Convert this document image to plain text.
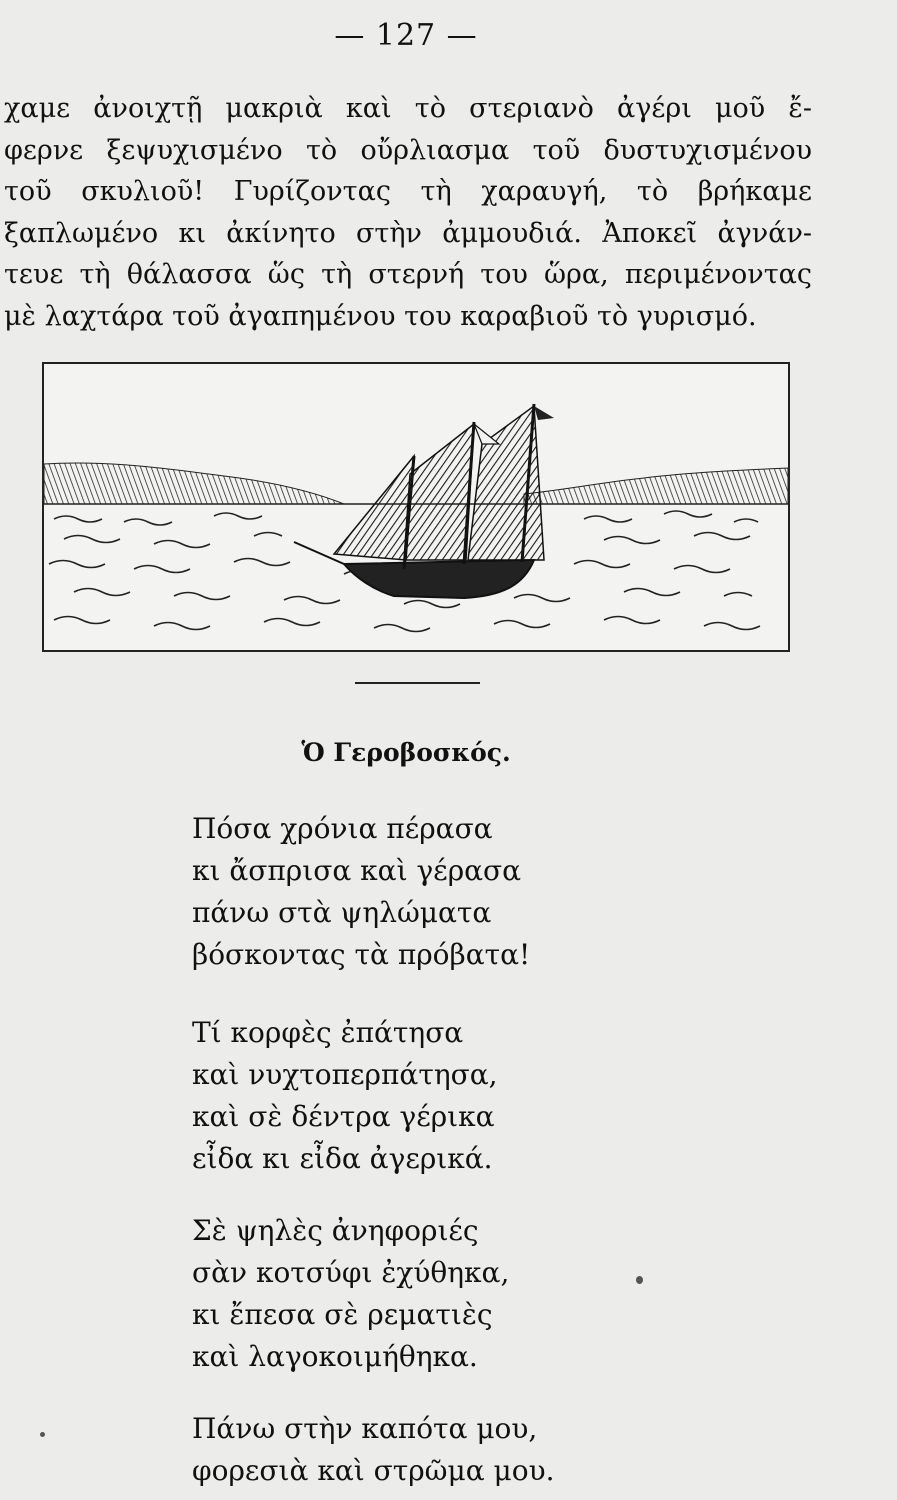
— 127 —
χαμε ἀνοιχτῇ μακριὰ καὶ τὸ στεριανὸ ἀγέρι μοῦ ἔ-
φερνε ξεψυχισμένο τὸ οὔρλιασμα τοῦ δυστυχισμένου
τοῦ σκυλιοῦ! Γυρίζοντας τὴ χαραυγή, τὸ βρήκαμε
ξαπλωμένο κι ἀκίνητο στὴν ἀμμουδιά. Ἀποκεῖ ἀγνάν-
τευε τὴ θάλασσα ὥς τὴ στερνή του ὥρα, περιμένοντας
μὲ λαχτάρα τοῦ ἀγαπημένου του καραβιοῦ τὸ γυρισμό.
Ὁ Γεροβοσκός.
Πόσα χρόνια πέρασα
κι ἄσπρισα καὶ γέρασα
πάνω στὰ ψηλώματα
βόσκοντας τὰ πρόβατα!
Τί κορφὲς ἐπάτησα
καὶ νυχτοπερπάτησα,
καὶ σὲ δέντρα γέρικα
εἶδα κι εἶδα ἀγερικά.
Σὲ ψηλὲς ἀνηφοριές
σὰν κοτσύφι ἐχύθηκα,
κι ἔπεσα σὲ ρεματιὲς
καὶ λαγοκοιμήθηκα.
Πάνω στὴν καπότα μου,
φορεσιὰ καὶ στρῶμα μου.
